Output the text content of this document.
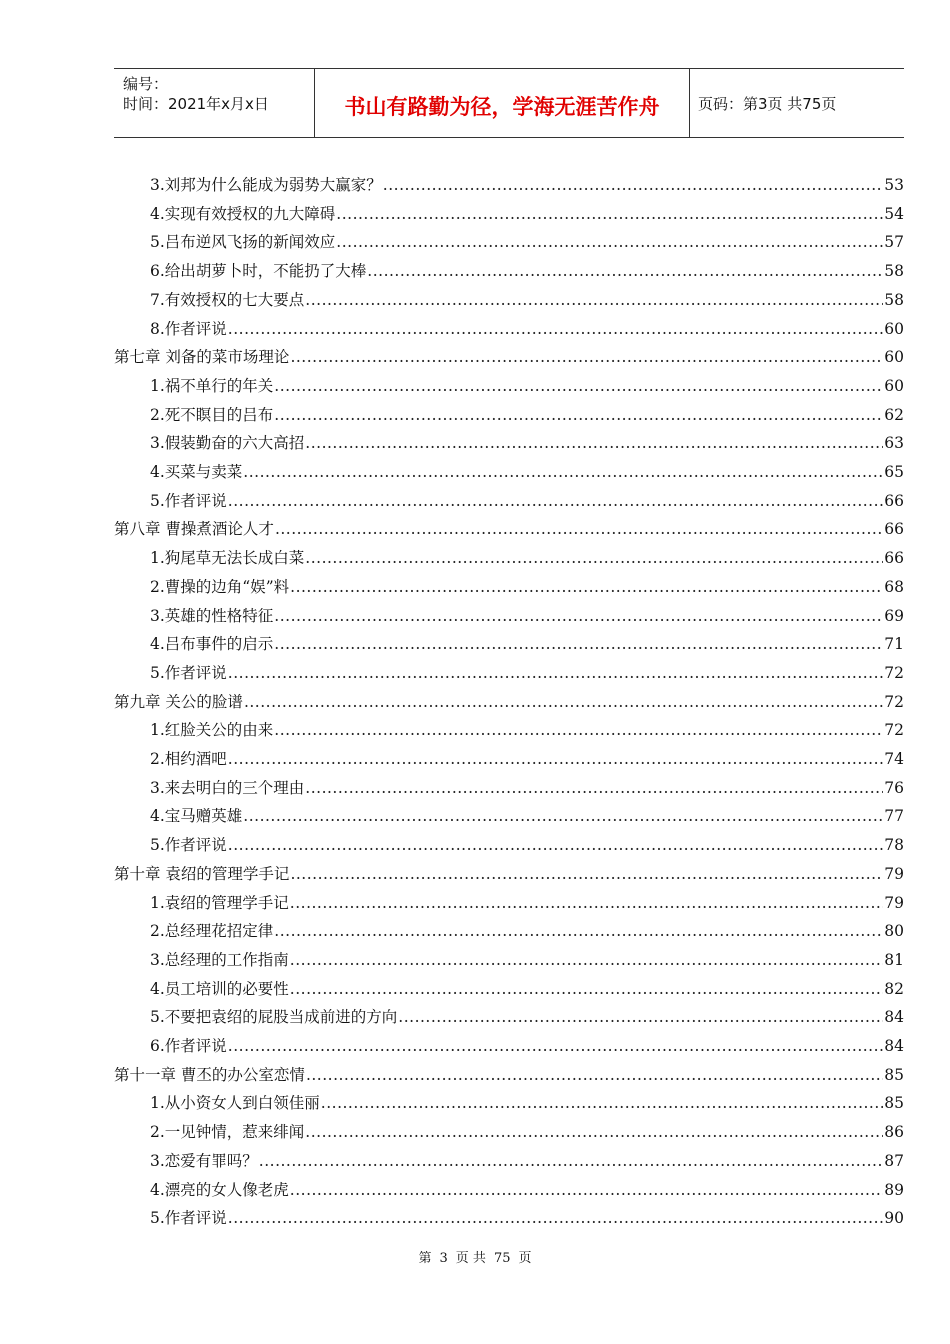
编号：
时间：2021年x月x日	书山有路勤为径，学海无涯苦作舟	页码：第3页 共75页
3.刘邦为什么能成为弱势大赢家？ .....	53
4.实现有效授权的九大障碍 .....	54
5.吕布逆风飞扬的新闻效应 .....	57
6.给出胡萝卜时，不能扔了大棒 .....	58
7.有效授权的七大要点 .....	58
8.作者评说 .....	60
第七章 刘备的菜市场理论 .....	60
1.祸不单行的年关 .....	60
2.死不瞑目的吕布 .....	62
3.假装勤奋的六大高招 .....	63
4.买菜与卖菜 .....	65
5.作者评说 .....	66
第八章 曹操煮酒论人才 .....	66
1.狗尾草无法长成白菜 .....	66
2.曹操的边角“娱”料 .....	68
3.英雄的性格特征 .....	69
4.吕布事件的启示 .....	71
5.作者评说 .....	72
第九章 关公的脸谱 .....	72
1.红脸关公的由来 .....	72
2.相约酒吧 .....	74
3.来去明白的三个理由 .....	76
4.宝马赠英雄 .....	77
5.作者评说 .....	78
第十章 袁绍的管理学手记 .....	79
1.袁绍的管理学手记 .....	79
2.总经理花招定律 .....	80
3.总经理的工作指南 .....	81
4.员工培训的必要性 .....	82
5.不要把袁绍的屁股当成前进的方向 .....	84
6.作者评说 .....	84
第十一章 曹丕的办公室恋情 .....	85
1.从小资女人到白领佳丽 .....	85
2.一见钟情，惹来绯闻 .....	86
3.恋爱有罪吗？ .....	87
4.漂亮的女人像老虎 .....	89
5.作者评说 .....	90
第 3 页 共 75 页
